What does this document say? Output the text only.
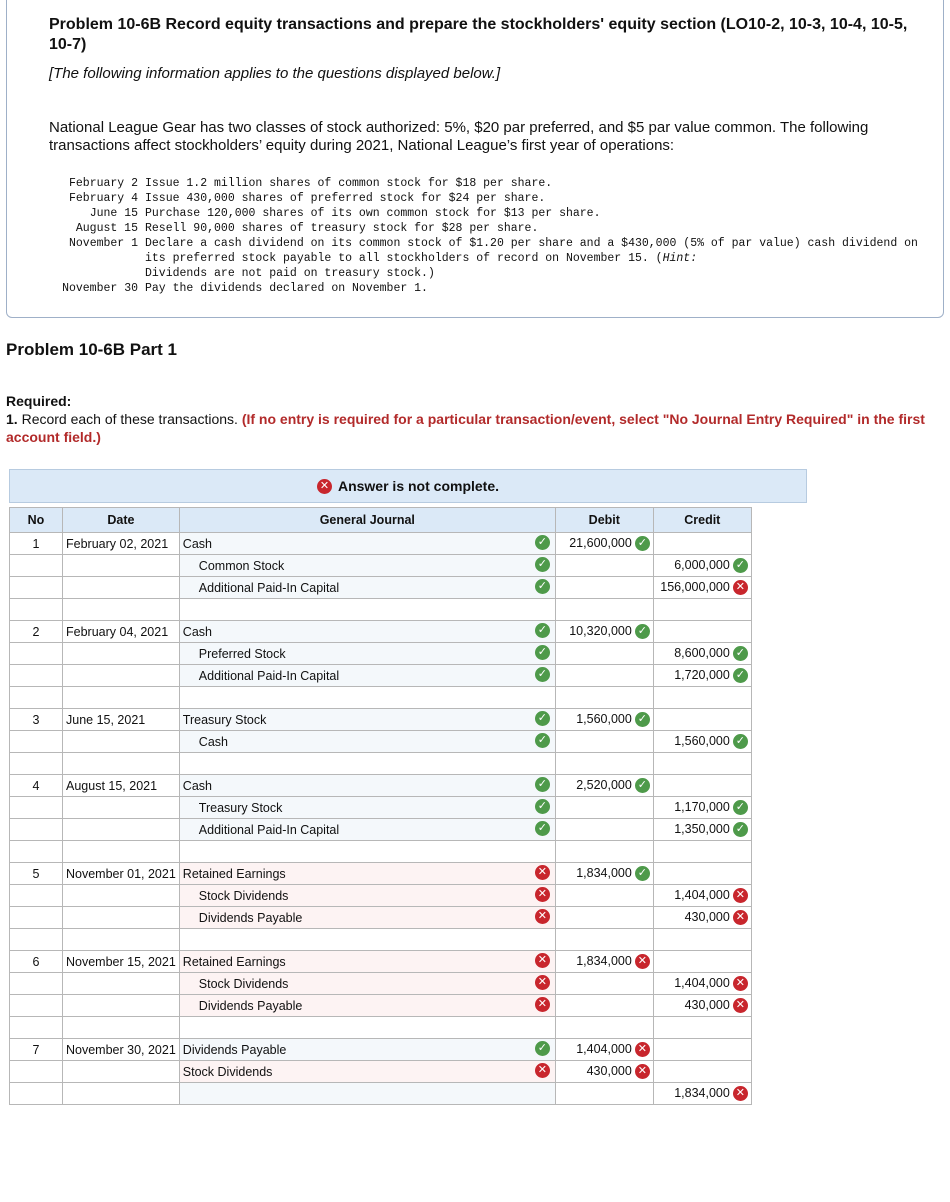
Problem 10-6B Record equity transactions and prepare the stockholders' equity section (LO10-2, 10-3, 10-4, 10-5, 10-7)
[The following information applies to the questions displayed below.]
National League Gear has two classes of stock authorized: 5%, $20 par preferred, and $5 par value common. The following transactions affect stockholders’ equity during 2021, National League’s first year of operations:
February 2 Issue 1.2 million shares of common stock for $18 per share.
February 4 Issue 430,000 shares of preferred stock for $24 per share.
June 15 Purchase 120,000 shares of its own common stock for $13 per share.
August 15 Resell 90,000 shares of treasury stock for $28 per share.
November 1 Declare a cash dividend on its common stock of $1.20 per share and a $430,000 (5% of par value) cash dividend on its preferred stock payable to all stockholders of record on November 15. (Hint:
Dividends are not paid on treasury stock.)
November 30 Pay the dividends declared on November 1.
Problem 10-6B Part 1
Required:
1. Record each of these transactions. (If no entry is required for a particular transaction/event, select "No Journal Entry Required" in the first account field.)
✕ Answer is not complete.
No	Date	General Journal	Debit	Credit
1	February 02, 2021	Cash ✓	21,600,000 ✓	
		Common Stock ✓		6,000,000 ✓
		Additional Paid-In Capital ✓		156,000,000 ✕

2	February 04, 2021	Cash ✓	10,320,000 ✓	
		Preferred Stock ✓		8,600,000 ✓
		Additional Paid-In Capital ✓		1,720,000 ✓

3	June 15, 2021	Treasury Stock ✓	1,560,000 ✓	
		Cash ✓		1,560,000 ✓

4	August 15, 2021	Cash ✓	2,520,000 ✓	
		Treasury Stock ✓		1,170,000 ✓
		Additional Paid-In Capital ✓		1,350,000 ✓

5	November 01, 2021	Retained Earnings ✕	1,834,000 ✓	
		Stock Dividends ✕		1,404,000 ✕
		Dividends Payable ✕		430,000 ✕

6	November 15, 2021	Retained Earnings ✕	1,834,000 ✕	
		Stock Dividends ✕		1,404,000 ✕
		Dividends Payable ✕		430,000 ✕

7	November 30, 2021	Dividends Payable ✓	1,404,000 ✕	
		Stock Dividends ✕	430,000 ✕	
				1,834,000 ✕
